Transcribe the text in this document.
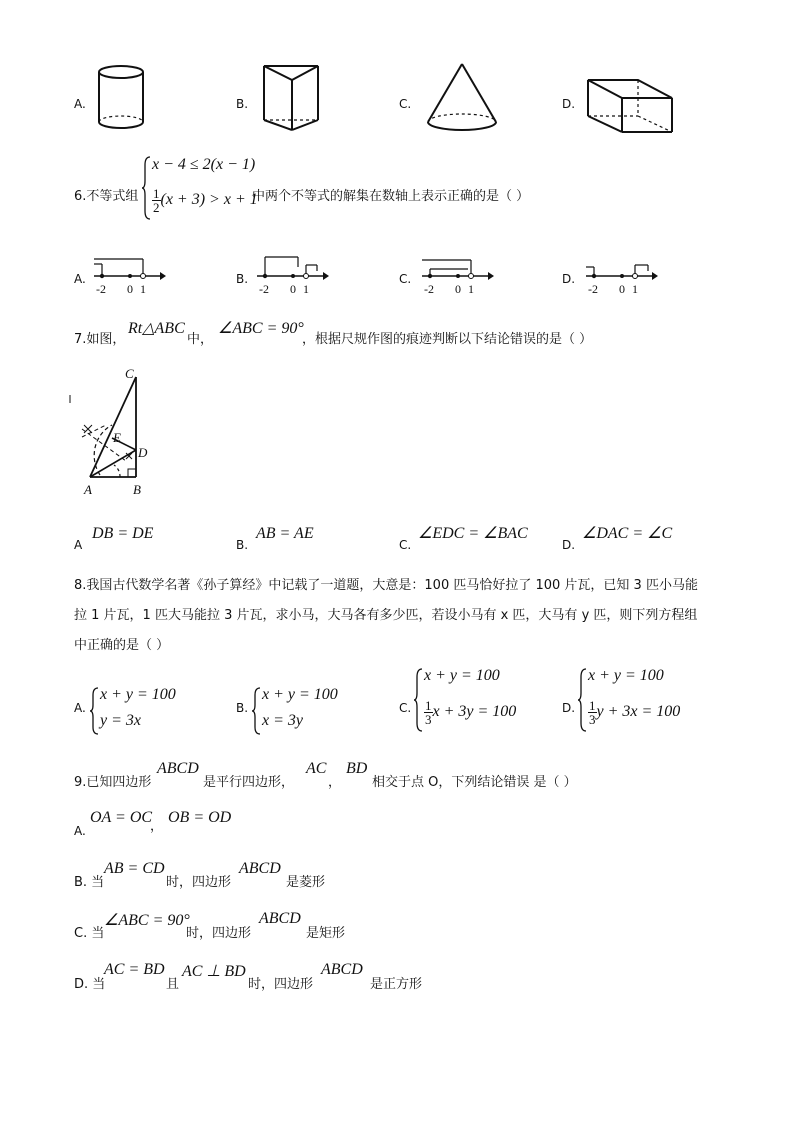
A.	B.	C.	D.
6.不等式组
x − 4 ≤ 2(x − 1)
$\frac{1}{2} (x + 3) > x + 1$
中两个不等式的解集在数轴上表示正确的是（ ）
A.
-2 0 1
B.
-2 0 1
C.
-2 0 1
D.
-2 0 1
7.如图，
Rt△ABC
中，
∠ABC = 90°
，根据尺规作图的痕迹判断以下结论错误的是（ ）
C
E
D
A	B
A
DB = DE
B.
AB = AE
C.
∠EDC = ∠BAC
D.
∠DAC = ∠C
8.我国古代数学名著《孙子算经》中记载了一道题，大意是：100 匹马恰好拉了 100 片瓦，已知 3 匹小马能
拉 1 片瓦，1 匹大马能拉 3 片瓦，求小马，大马各有多少匹，若设小马有 x 匹，大马有 y 匹，则下列方程组
中正确的是（ ）
A.
x + y = 100
y = 3x
B.
x + y = 100
x = 3y
C.
x + y = 100
$\frac{1}{3}$ x + 3y = 100	D.
x + y = 100
$\frac{1}{3}$ y + 3x = 100
9.已知四边形
ABCD
是平行四边形，
AC
，
BD
相交于点 O，下列结论错误 是（ ）
A.
OA = OC
，
OB = OD
B. 当
AB = CD
时，四边形
ABCD
是菱形
C. 当
∠ABC = 90°
时，四边形
ABCD
是矩形
D. 当
AC = BD
且
AC ⊥ BD
时，四边形
ABCD
是正方形
